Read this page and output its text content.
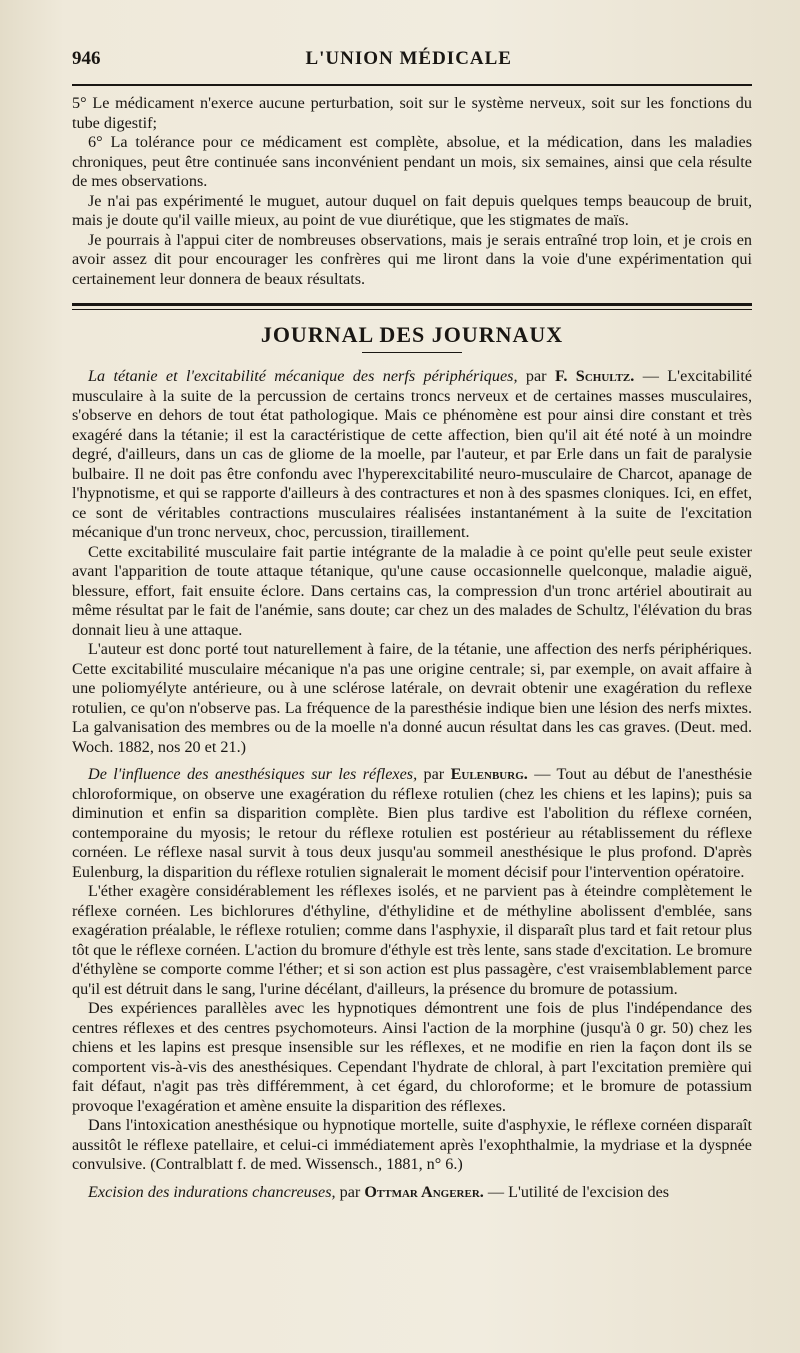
946	L'UNION MÉDICALE

5° Le médicament n'exerce aucune perturbation, soit sur le système nerveux, soit sur les fonctions du tube digestif;

6° La tolérance pour ce médicament est complète, absolue, et la médication, dans les maladies chroniques, peut être continuée sans inconvénient pendant un mois, six semaines, ainsi que cela résulte de mes observations.

Je n'ai pas expérimenté le muguet, autour duquel on fait depuis quelques temps beaucoup de bruit, mais je doute qu'il vaille mieux, au point de vue diurétique, que les stigmates de maïs.

Je pourrais à l'appui citer de nombreuses observations, mais je serais entraîné trop loin, et je crois en avoir assez dit pour encourager les confrères qui me liront dans la voie d'une expérimentation qui certainement leur donnera de beaux résultats.

JOURNAL DES JOURNAUX

La tétanie et l'excitabilité mécanique des nerfs périphériques, par F. Schultz. — L'excitabilité musculaire à la suite de la percussion de certains troncs nerveux et de certaines masses musculaires, s'observe en dehors de tout état pathologique. Mais ce phénomène est pour ainsi dire constant et très exagéré dans la tétanie; il est la caractéristique de cette affection, bien qu'il ait été noté à un moindre degré, d'ailleurs, dans un cas de gliome de la moelle, par l'auteur, et par Erle dans un fait de paralysie bulbaire. Il ne doit pas être confondu avec l'hyperexcitabilité neuro-musculaire de Charcot, apanage de l'hypnotisme, et qui se rapporte d'ailleurs à des contractures et non à des spasmes cloniques. Ici, en effet, ce sont de véritables contractions musculaires réalisées instantanément à la suite de l'excitation mécanique d'un tronc nerveux, choc, percussion, tiraillement.

Cette excitabilité musculaire fait partie intégrante de la maladie à ce point qu'elle peut seule exister avant l'apparition de toute attaque tétanique, qu'une cause occasionnelle quelconque, maladie aiguë, blessure, effort, fait ensuite éclore. Dans certains cas, la compression d'un tronc artériel aboutirait au même résultat par le fait de l'anémie, sans doute; car chez un des malades de Schultz, l'élévation du bras donnait lieu à une attaque.

L'auteur est donc porté tout naturellement à faire, de la tétanie, une affection des nerfs périphériques. Cette excitabilité musculaire mécanique n'a pas une origine centrale; si, par exemple, on avait affaire à une poliomyélyte antérieure, ou à une sclérose latérale, on devrait obtenir une exagération du reflexe rotulien, ce qu'on n'observe pas. La fréquence de la paresthésie indique bien une lésion des nerfs mixtes. La galvanisation des membres ou de la moelle n'a donné aucun résultat dans les cas graves. (Deut. med. Woch. 1882, nos 20 et 21.)

De l'influence des anesthésiques sur les réflexes, par Eulenburg. — Tout au début de l'anesthésie chloroformique, on observe une exagération du réflexe rotulien (chez les chiens et les lapins); puis sa diminution et enfin sa disparition complète. Bien plus tardive est l'abolition du réflexe cornéen, contemporaine du myosis; le retour du réflexe rotulien est postérieur au rétablissement du réflexe cornéen. Le réflexe nasal survit à tous deux jusqu'au sommeil anesthésique le plus profond. D'après Eulenburg, la disparition du réflexe rotulien signalerait le moment décisif pour l'intervention opératoire.

L'éther exagère considérablement les réflexes isolés, et ne parvient pas à éteindre complètement le réflexe cornéen. Les bichlorures d'éthyline, d'éthylidine et de méthyline abolissent d'emblée, sans exagération préalable, le réflexe rotulien; comme dans l'asphyxie, il disparaît plus tard et fait retour plus tôt que le réflexe cornéen. L'action du bromure d'éthyle est très lente, sans stade d'excitation. Le bromure d'éthylène se comporte comme l'éther; et si son action est plus passagère, c'est vraisemblablement parce qu'il est détruit dans le sang, l'urine décélant, d'ailleurs, la présence du bromure de potassium.

Des expériences parallèles avec les hypnotiques démontrent une fois de plus l'indépendance des centres réflexes et des centres psychomoteurs. Ainsi l'action de la morphine (jusqu'à 0 gr. 50) chez les chiens et les lapins est presque insensible sur les réflexes, et ne modifie en rien la façon dont ils se comportent vis-à-vis des anesthésiques. Cependant l'hydrate de chloral, à part l'excitation première qui fait défaut, n'agit pas très différemment, à cet égard, du chloroforme; et le bromure de potassium provoque l'exagération et amène ensuite la disparition des réflexes.

Dans l'intoxication anesthésique ou hypnotique mortelle, suite d'asphyxie, le réflexe cornéen disparaît aussitôt le réflexe patellaire, et celui-ci immédiatement après l'exophthalmie, la mydriase et la dyspnée convulsive. (Contralblatt f. de med. Wissensch., 1881, n° 6.)

Excision des indurations chancreuses, par Ottmar Angerer. — L'utilité de l'excision des
